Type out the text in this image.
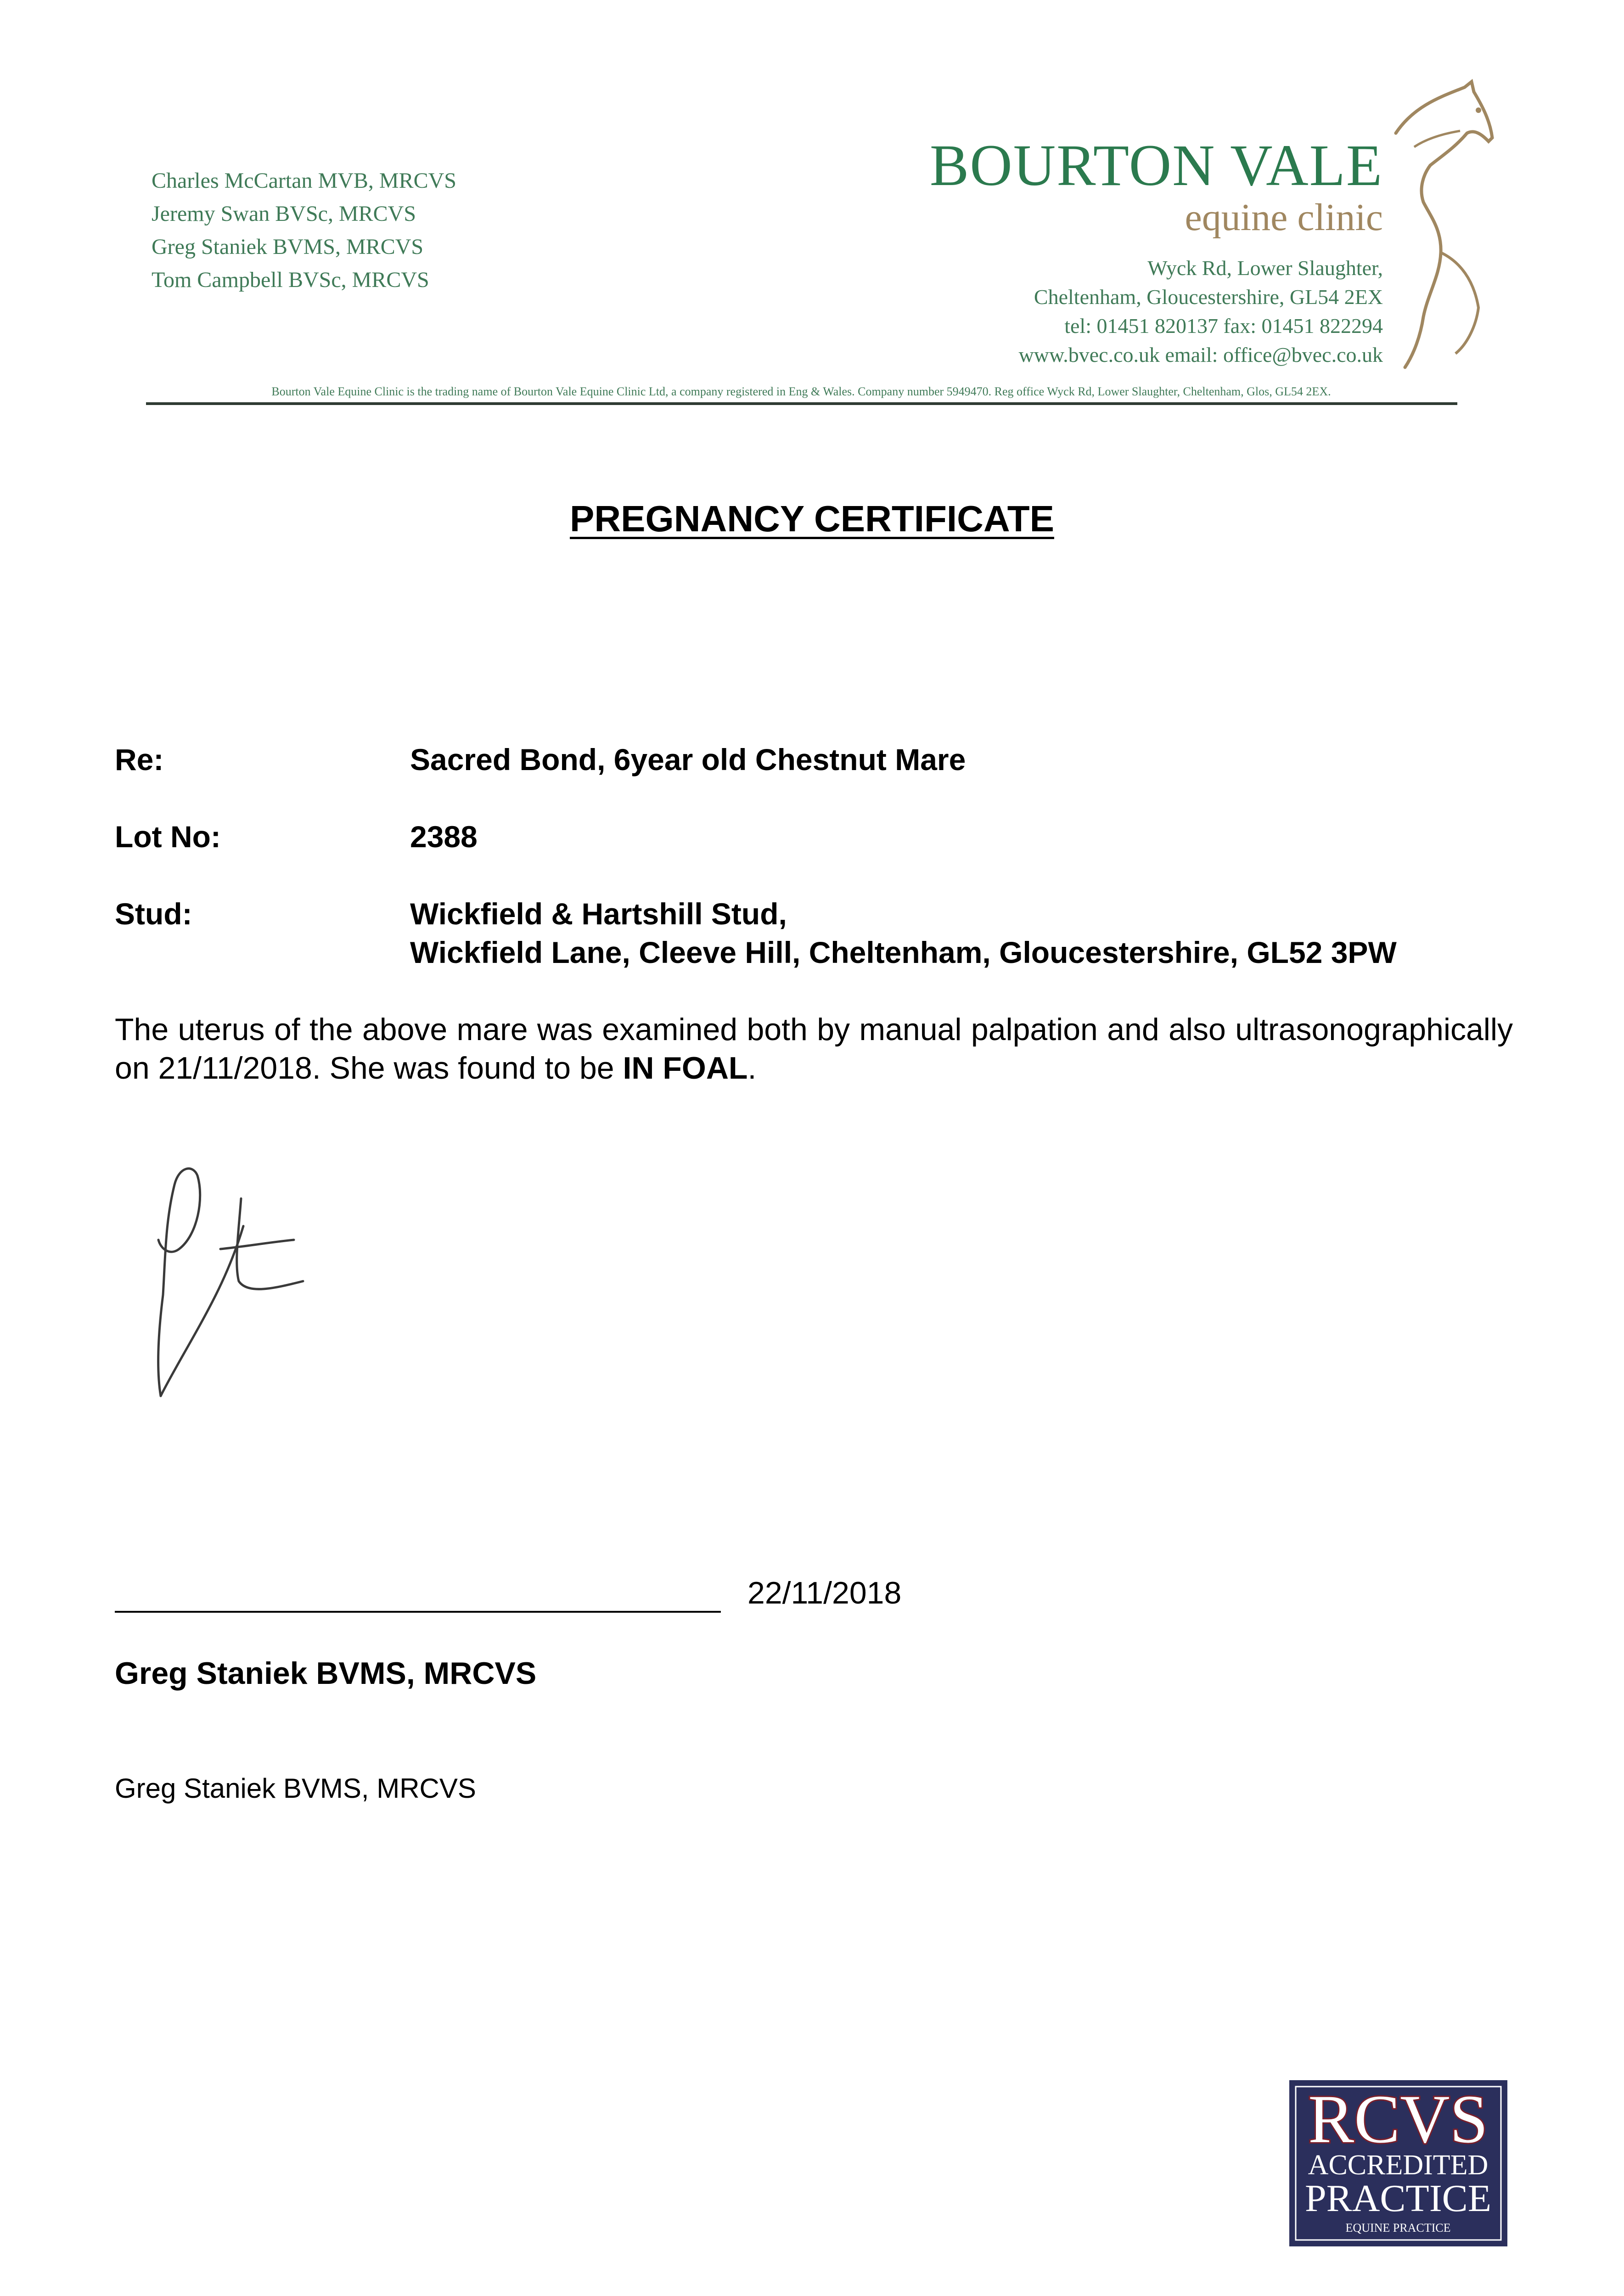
Charles McCartan MVB, MRCVS
Jeremy Swan BVSc, MRCVS
Greg Staniek BVMS, MRCVS
Tom Campbell BVSc, MRCVS
BOURTON VALE
equine clinic
Wyck Rd, Lower Slaughter,
Cheltenham, Gloucestershire, GL54 2EX
tel: 01451 820137 fax: 01451 822294
www.bvec.co.uk email: office@bvec.co.uk
Bourton Vale Equine Clinic is the trading name of Bourton Vale Equine Clinic Ltd, a company registered in Eng & Wales. Company number 5949470. Reg office Wyck Rd, Lower Slaughter, Cheltenham, Glos, GL54 2EX.
PREGNANCY CERTIFICATE
Re:	Sacred Bond, 6year old Chestnut Mare
Lot No:	2388
Stud:	Wickfield & Hartshill Stud,
Wickfield Lane, Cleeve Hill, Cheltenham, Gloucestershire, GL52 3PW
The uterus of the above mare was examined both by manual palpation and also ultrasonographically on 21/11/2018. She was found to be IN FOAL.
22/11/2018
Greg Staniek BVMS, MRCVS
Greg Staniek BVMS, MRCVS
RCVS
ACCREDITED
PRACTICE
EQUINE PRACTICE
